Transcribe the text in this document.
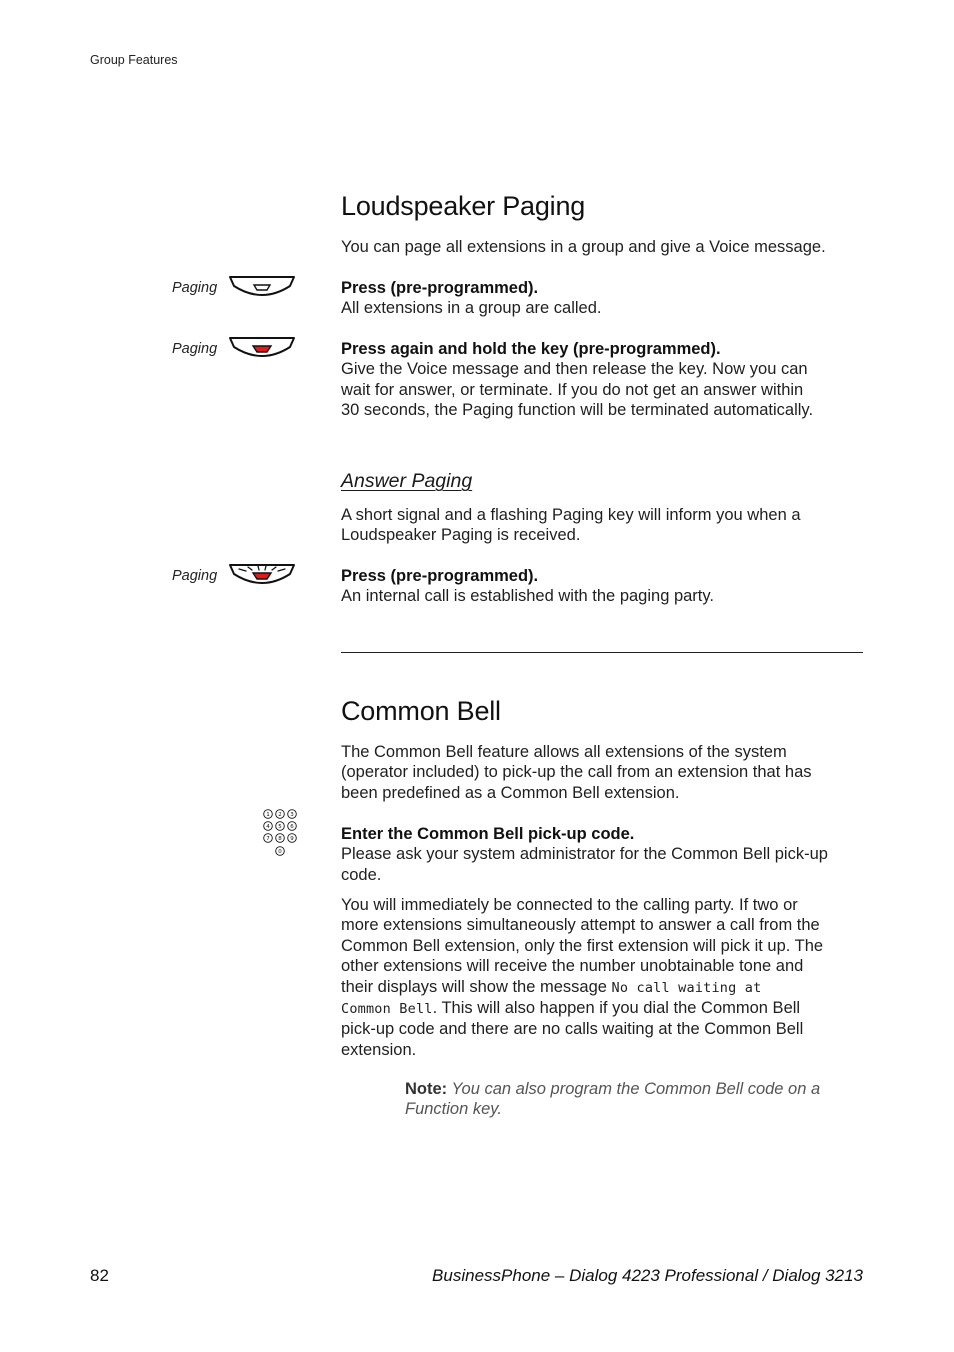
Group Features
Loudspeaker Paging
You can page all extensions in a group and give a Voice message.
Paging	Press (pre-programmed).
All extensions in a group are called.
Paging	Press again and hold the key (pre-programmed).
Give the Voice message and then release the key. Now you can
wait for answer, or terminate. If you do not get an answer within
30 seconds, the Paging function will be terminated automatically.
Answer Paging
A short signal and a flashing Paging key will inform you when a
Loudspeaker Paging is received.
Paging	Press (pre-programmed).
An internal call is established with the paging party.
Common Bell
The Common Bell feature allows all extensions of the system
(operator included) to pick-up the call from an extension that has
been predefined as a Common Bell extension.
1 2 3
4 5 6
7 8 9
0
Enter the Common Bell pick-up code.
Please ask your system administrator for the Common Bell pick-up
code.
You will immediately be connected to the calling party. If two or
more extensions simultaneously attempt to answer a call from the
Common Bell extension, only the first extension will pick it up. The
other extensions will receive the number unobtainable tone and
their displays will show the message No call waiting at
Common Bell. This will also happen if you dial the Common Bell
pick-up code and there are no calls waiting at the Common Bell
extension.
Note: You can also program the Common Bell code on a
Function key.
82	BusinessPhone – Dialog 4223 Professional / Dialog 3213
